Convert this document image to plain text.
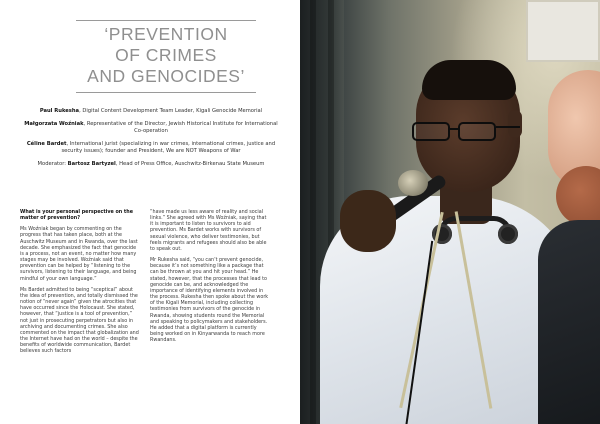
‘PREVENTION
OF CRIMES
AND GENOCIDES’

Paul Rukesha, Digital Content Development Team Leader, Kigali Genocide Memorial

Małgorzata Woźniak, Representative of the Director, Jewish Historical Institute for International Co-operation

Céline Bardet, International jurist (specializing in war crimes, international crimes, justice and security issues); founder and President, We are NOT Weapons of War

Moderator: Bartosz Bartyzel, Head of Press Office, Auschwitz-Birkenau State Museum

What is your personal perspective on the matter of prevention?

Ms Woźniak began by commenting on the progress that has taken place, both at the Auschwitz Museum and in Rwanda, over the last decade. She emphasized the fact that genocide is a process, not an event, no matter how many stages may be involved. Woźniak said that prevention can be helped by “listening to the survivors, listening to their language, and being mindful of your own language.”

Ms Bardet admitted to being “sceptical” about the idea of prevention, and totally dismissed the notion of “never again” given the atrocities that have occurred since the Holocaust. She stated, however, that “justice is a tool of prevention,” not just in prosecuting perpetrators but also in archiving and documenting crimes. She also commented on the impact that globalization and the Internet have had on the world – despite the benefits of worldwide communication, Bardet believes such factors

“have made us less aware of reality and social links.” She agreed with Ms Woźniak, saying that it is important to listen to survivors to aid prevention. Ms Bardet works with survivors of sexual violence, who deliver testimonies, but feels migrants and refugees should also be able to speak out.

Mr Rukesha said, “you can’t prevent genocide, because it’s not something like a package that can be thrown at you and hit your head.” He stated, however, that the processes that lead to genocide can be, and acknowledged the importance of identifying elements involved in the process. Rukesha then spoke about the work of the Kigali Memorial, including collecting testimonies from survivors of the genocide in Rwanda, showing students round the Memorial and speaking to policymakers and stakeholders. He added that a digital platform is currently being worked on in Kinyarwanda to reach more Rwandans.
